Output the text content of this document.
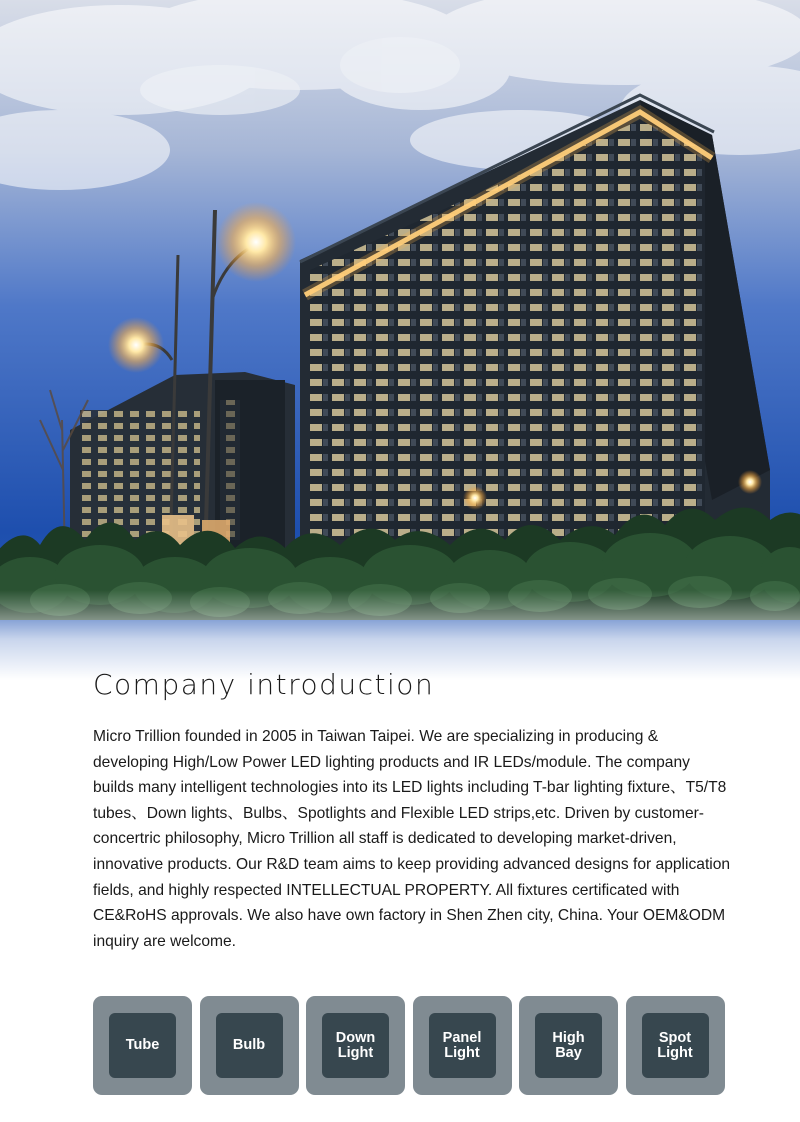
Company introduction

Micro Trillion founded in 2005 in Taiwan Taipei. We are specializing in producing & developing High/Low Power LED lighting products and IR LEDs/module. The company builds many intelligent technologies into its LED lights including T-bar lighting fixture、T5/T8 tubes、Down lights、Bulbs、Spotlights and Flexible LED strips,etc. Driven by customer-concertric philosophy, Micro Trillion all staff is dedicated to developing market-driven, innovative products. Our R&D team aims to keep providing advanced designs for application fields, and highly respected INTELLECTUAL PROPERTY. All fixtures certificated with CE&RoHS approvals. We also have own factory in Shen Zhen city, China. Your OEM&ODM inquiry are welcome.

Tube	Bulb	Down
Light
Panel
Light
High
Bay
Spot
Light
